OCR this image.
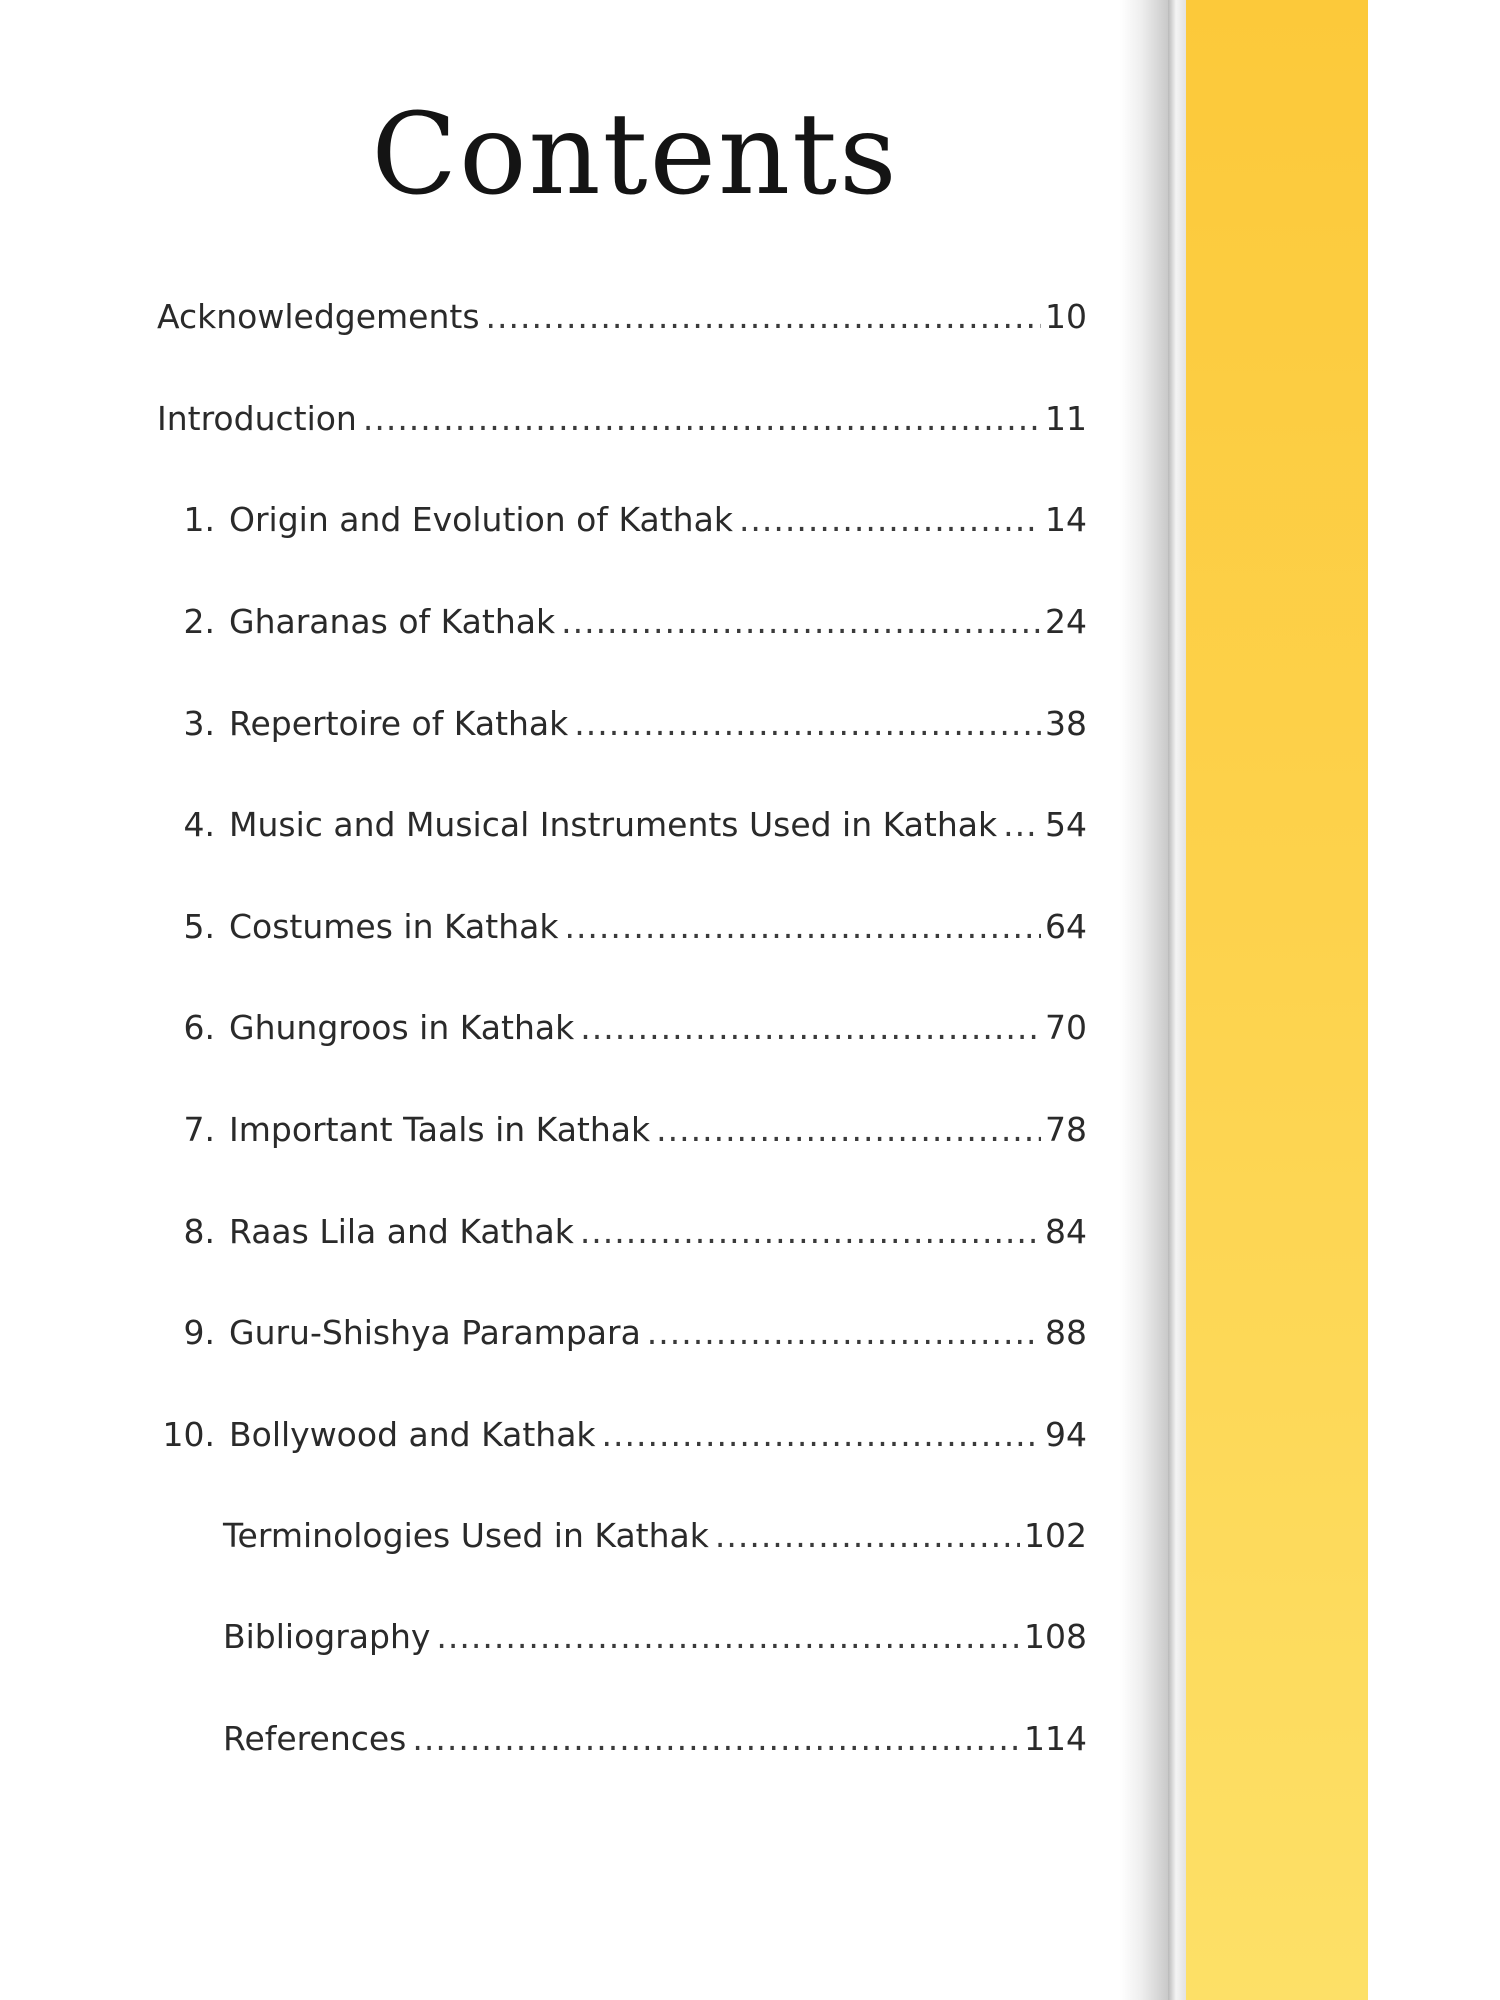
Contents
Acknowledgements .....	10
Introduction .....	11
1. Origin and Evolution of Kathak .....	14
2. Gharanas of Kathak .....	24
3. Repertoire of Kathak .....	38
4. Music and Musical Instruments Used in Kathak ..... 54
5. Costumes in Kathak .....	64
6. Ghungroos in Kathak .....	70
7. Important Taals in Kathak .....	78
8. Raas Lila and Kathak .....	84
9. Guru-Shishya Parampara .....	88
10. Bollywood and Kathak .....	94
Terminologies Used in Kathak .....	102
Bibliography .....	108
References .....	114
